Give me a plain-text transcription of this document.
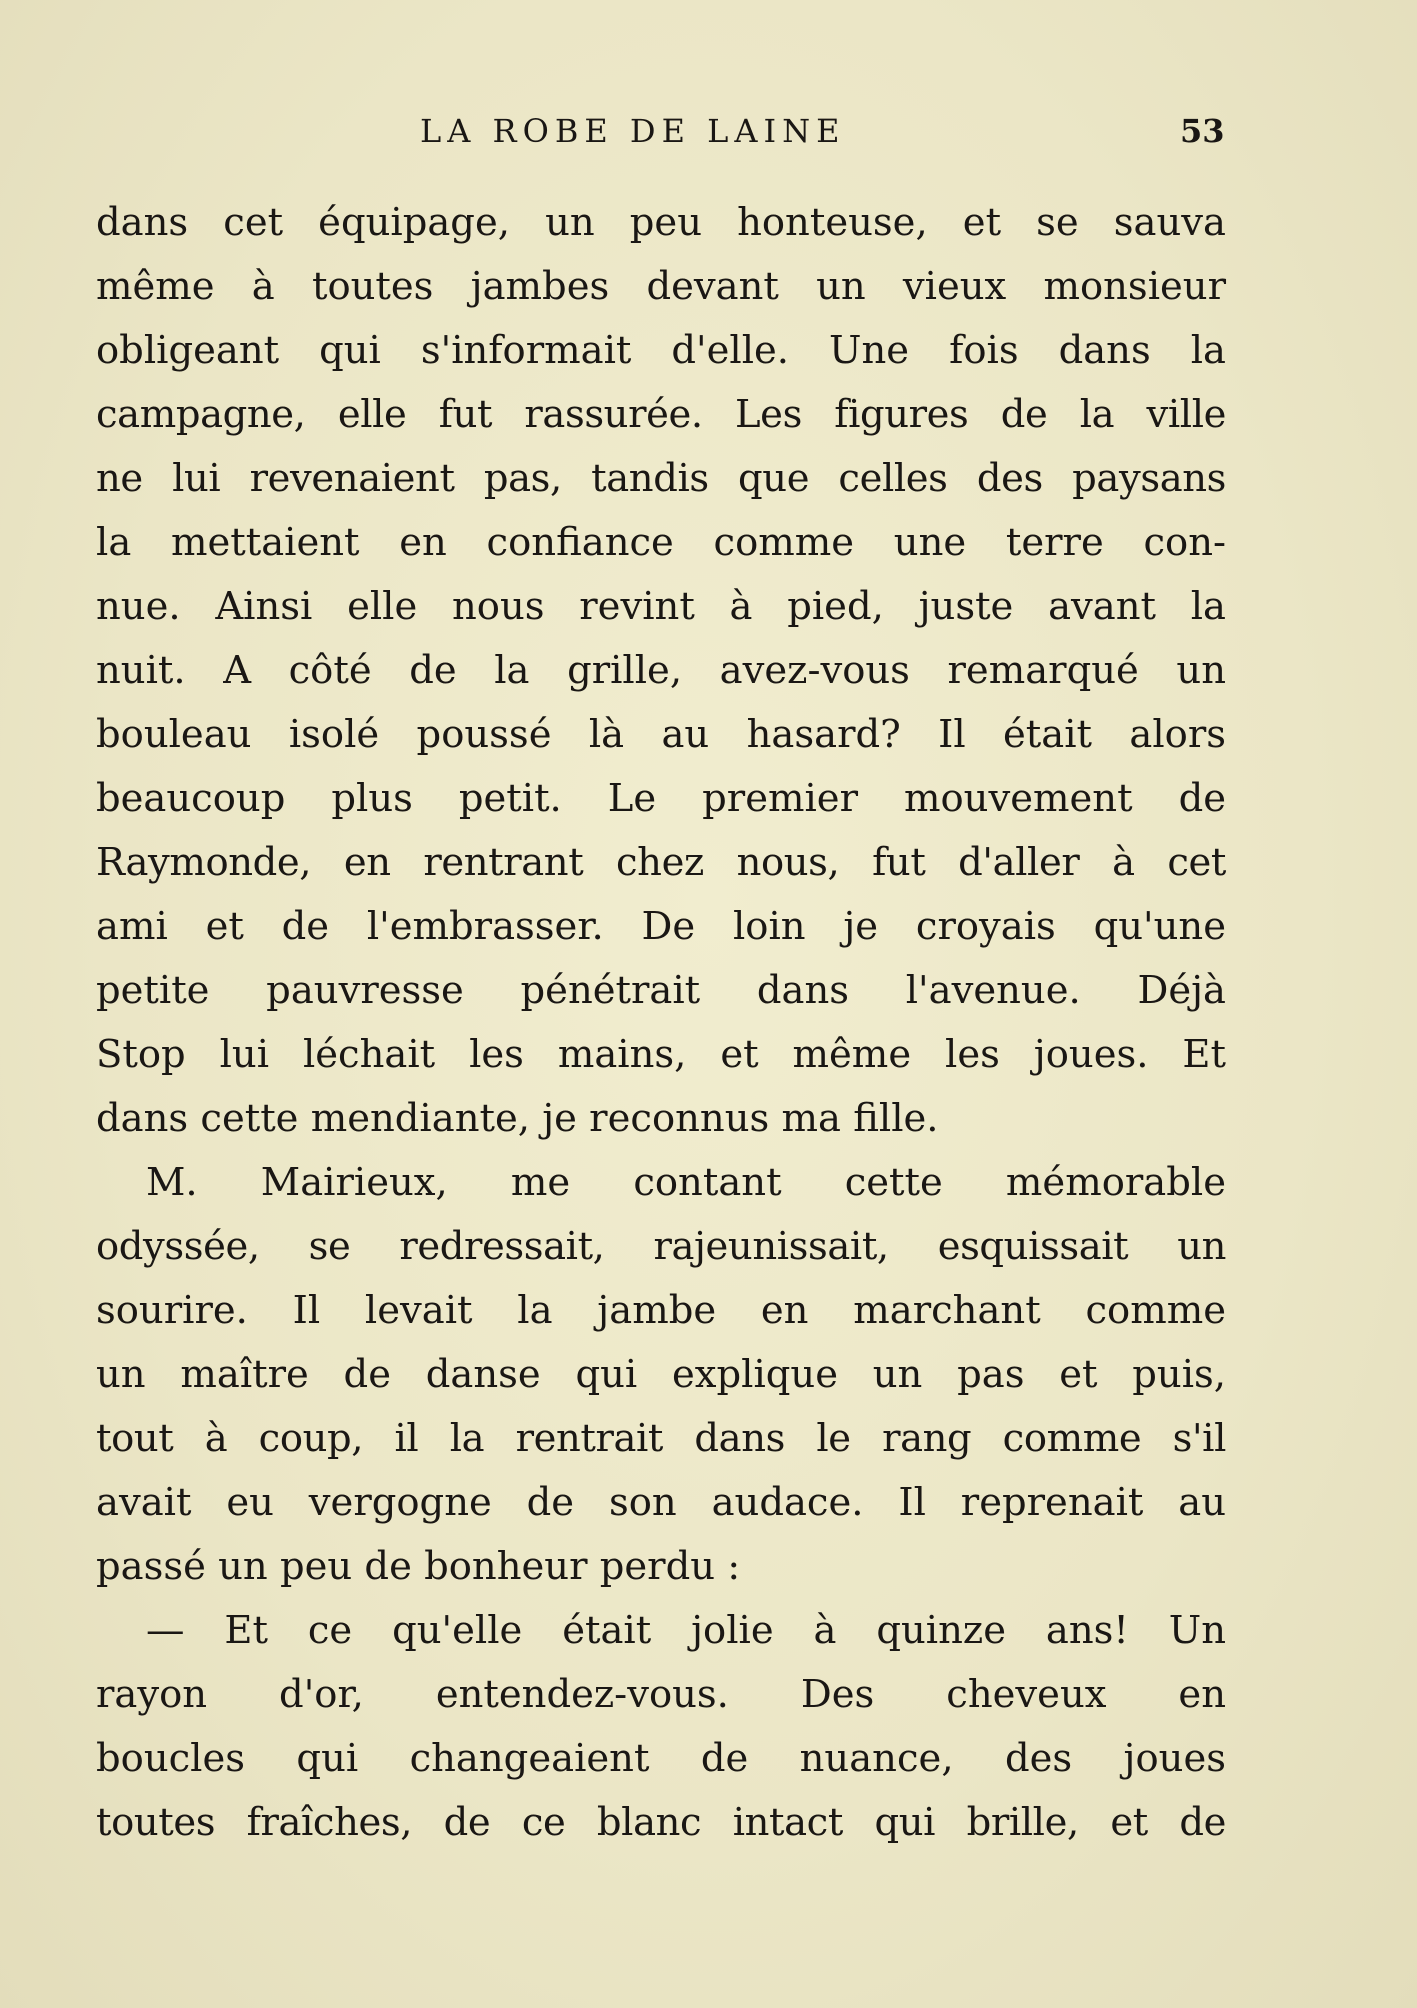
LA ROBE DE LAINE	53
dans cet équipage, un peu honteuse, et se sauva
même à toutes jambes devant un vieux monsieur
obligeant qui s'informait d'elle. Une fois dans la
campagne, elle fut rassurée. Les figures de la ville
ne lui revenaient pas, tandis que celles des paysans
la mettaient en confiance comme une terre con-
nue. Ainsi elle nous revint à pied, juste avant la
nuit. A côté de la grille, avez-vous remarqué un
bouleau isolé poussé là au hasard? Il était alors
beaucoup plus petit. Le premier mouvement de
Raymonde, en rentrant chez nous, fut d'aller à cet
ami et de l'embrasser. De loin je croyais qu'une
petite pauvresse pénétrait dans l'avenue. Déjà
Stop lui léchait les mains, et même les joues. Et
dans cette mendiante, je reconnus ma fille.
M. Mairieux, me contant cette mémorable
odyssée, se redressait, rajeunissait, esquissait un
sourire. Il levait la jambe en marchant comme
un maître de danse qui explique un pas et puis,
tout à coup, il la rentrait dans le rang comme s'il
avait eu vergogne de son audace. Il reprenait au
passé un peu de bonheur perdu :
— Et ce qu'elle était jolie à quinze ans! Un
rayon d'or, entendez-vous. Des cheveux en
boucles qui changeaient de nuance, des joues
toutes fraîches, de ce blanc intact qui brille, et de
